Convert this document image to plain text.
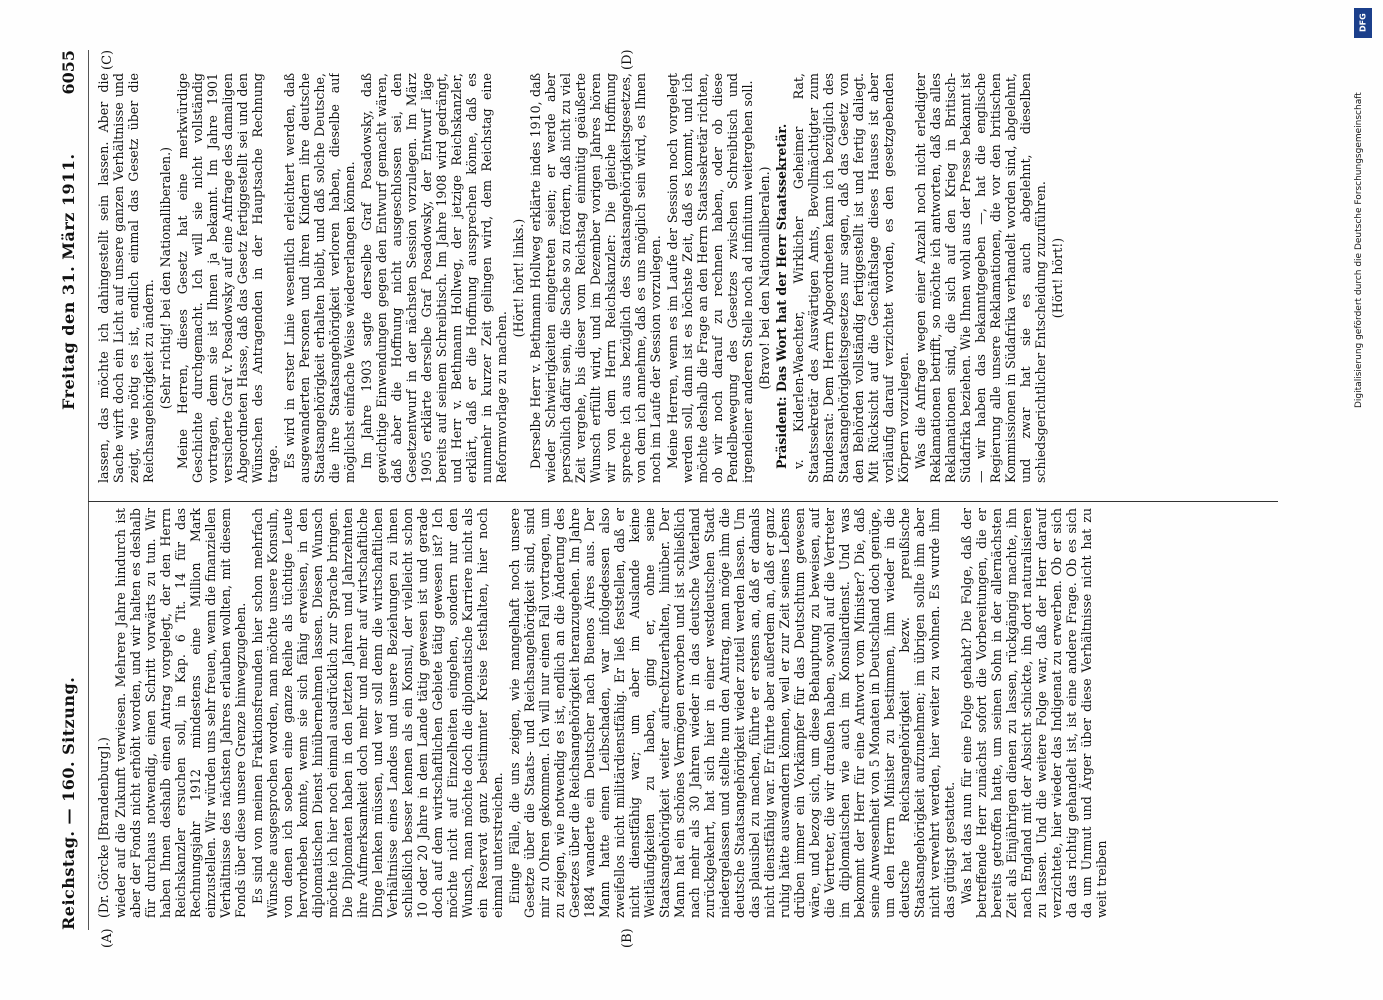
Reichstag. — 160. Sitzung.
Freitag den 31. März 1911.
6055
(A)	(B)
(C)	(D)

(Dr. Görcke [Brandenburg].) wieder auf die Zukunft verwiesen. Mehrere Jahre hindurch ist aber der Fonds nicht erhöht worden, und wir halten es deshalb für durchaus notwendig, einen Schritt vorwärts zu tun. Wir haben Ihnen deshalb einen Antrag vorgelegt, der den Herrn Reichskanzler ersuchen soll, in Kap. 6 Tit. 14 für das Rechnungsjahr 1912 mindestens eine Million Mark einzustellen. Wir würden uns sehr freuen, wenn die finanziellen Verhältnisse des nächsten Jahres erlauben wollten, mit diesem Fonds über diese unsere Grenze hinwegzugehen. Es sind von meinen Fraktionsfreunden hier schon mehrfach Wünsche ausgesprochen worden, man möchte unsere Konsuln, von denen ich soeben eine ganze Reihe als tüchtige Leute hervorheben konnte, wenn sie sich fähig erweisen, in den diplomatischen Dienst hinübernehmen lassen. Diesen Wunsch möchte ich hier noch einmal ausdrücklich zur Sprache bringen. Die Diplomaten haben in den letzten Jahren und Jahrzehnten ihre Aufmerksamkeit doch mehr und mehr auf wirtschaftliche Dinge lenken müssen, und wer soll denn die wirtschaftlichen Verhältnisse eines Landes und unsere Beziehungen zu ihnen schließlich besser kennen als ein Konsul, der vielleicht schon 10 oder 20 Jahre in dem Lande tätig gewesen ist und gerade doch auf dem wirtschaftlichen Gebiete tätig gewesen ist? Ich möchte nicht auf Einzelheiten eingehen, sondern nur den Wunsch, man möchte doch die diplomatische Karriere nicht als ein Reservat ganz bestimmter Kreise festhalten, hier noch einmal unterstreichen. Einige Fälle, die uns zeigen, wie mangelhaft noch unsere Gesetze über die Staats- und Reichsangehörigkeit sind, sind mir zu Ohren gekommen. Ich will nur einen Fall vortragen, um zu zeigen, wie notwendig es ist, endlich an die Änderung des Gesetzes über die Reichsangehörigkeit heranzugehen. Im Jahre 1884 wanderte ein Deutscher nach Buenos Aires aus. Der Mann hatte einen Leibschaden, war infolgedessen also zweifellos nicht militärdienstfähig. Er ließ feststellen, daß er nicht dienstfähig war; um aber im Auslande keine Weitläufigkeiten zu haben, ging er, ohne seine Staatsangehörigkeit weiter aufrechtzuerhalten, hinüber. Der Mann hat ein schönes Vermögen erworben und ist schließlich nach mehr als 30 Jahren wieder in das deutsche Vaterland zurückgekehrt, hat sich hier in einer westdeutschen Stadt niedergelassen und stellte nun den Antrag, man möge ihm die deutsche Staatsangehörigkeit wieder zuteil werden lassen. Um das plausibel zu machen, führte er erstens an, daß er damals nicht dienstfähig war. Er führte aber außerdem an, daß er ganz ruhig hätte auswandern können, weil er zur Zeit seines Lebens drüben immer ein Vorkämpfer für das Deutschtum gewesen wäre, und bezog sich, um diese Behauptung zu beweisen, auf die Vertreter, die wir draußen haben, sowohl auf die Vertreter im diplomatischen wie auch im Konsulardienst. Und was bekommt der Herr für eine Antwort vom Minister? Die, daß seine Anwesenheit von 5 Monaten in Deutschland doch genüge, um den Herrn Minister zu bestimmen, ihm wieder in die deutsche Reichsangehörigkeit bezw. preußische Staatsangehörigkeit aufzunehmen; im übrigen sollte ihm aber nicht verwehrt werden, hier weiter zu wohnen. Es wurde ihm das gütigst gestattet. Was hat das nun für eine Folge gehabt? Die Folge, daß der betreffende Herr zunächst sofort die Vorbereitungen, die er bereits getroffen hatte, um seinen Sohn in der allernächsten Zeit als Einjährigen dienen zu lassen, rückgängig machte, ihn nach England mit der Absicht schickte, ihn dort naturalisieren zu lassen. Und die weitere Folge war, daß der Herr darauf verzichtete, hier wieder das Indigenat zu erwerben. Ob er sich da das richtig gehandelt ist, ist eine andere Frage. Ob es sich da um Unmut und Ärger über diese Verhältnisse nicht hat zu weit treiben

lassen, das möchte ich dahingestellt sein lassen. Aber die Sache wirft doch ein Licht auf unsere ganzen Verhältnisse und zeigt, wie nötig es ist, endlich einmal das Gesetz über die Reichsangehörigkeit zu ändern. (Sehr richtig! bei den Nationalliberalen.) Meine Herren, dieses Gesetz hat eine merkwürdige Geschichte durchgemacht. Ich will sie nicht vollständig vortragen, denn sie ist Ihnen ja bekannt. Im Jahre 1901 versicherte Graf v. Posadowsky auf eine Anfrage des damaligen Abgeordneten Hasse, daß das Gesetz fertiggestellt sei und den Wünschen des Antragenden in der Hauptsache Rechnung trage. Es wird in erster Linie wesentlich erleichtert werden, daß ausgewanderten Personen und ihren Kindern ihre deutsche Staatsangehörigkeit erhalten bleibt, und daß solche Deutsche, die ihre Staatsangehörigkeit verloren haben, dieselbe auf möglichst einfache Weise wiedererlangen können. Im Jahre 1903 sagte derselbe Graf Posadowsky, daß gewichtige Einwendungen gegen den Entwurf gemacht wären, daß aber die Hoffnung nicht ausgeschlossen sei, den Gesetzentwurf in der nächsten Session vorzulegen. Im März 1905 erklärte derselbe Graf Posadowsky, der Entwurf läge bereits auf seinem Schreibtisch. Im Jahre 1908 wird gedrängt, und Herr v. Bethmann Hollweg, der jetzige Reichskanzler, erklärt, daß er die Hoffnung aussprechen könne, daß es nunmehr in kurzer Zeit gelingen wird, dem Reichstag eine Reformvorlage zu machen.

(Hört! hört! links.) Derselbe Herr v. Bethmann Hollweg erklärte indes 1910, daß wieder Schwierigkeiten eingetreten seien; er werde aber persönlich dafür sein, die Sache so zu fördern, daß nicht zu viel Zeit vergehe, bis dieser vom Reichstag einmütig geäußerte Wunsch erfüllt wird, und im Dezember vorigen Jahres hören wir von dem Herrn Reichskanzler: Die gleiche Hoffnung spreche ich aus bezüglich des Staatsangehörigkeitsgesetzes, von dem ich annehme, daß es uns möglich sein wird, es Ihnen noch im Laufe der Session vorzulegen. Meine Herren, wenn es im Laufe der Session noch vorgelegt werden soll, dann ist es höchste Zeit, daß es kommt, und ich möchte deshalb die Frage an den Herrn Staatssekretär richten, ob wir noch darauf zu rechnen haben, oder ob diese Pendelbewegung des Gesetzes zwischen Schreibtisch und irgendeiner anderen Stelle noch ad infinitum weitergehen soll. (Bravo! bei den Nationalliberalen.) Präsident: Das Wort hat der Herr Staatssekretär. v. Kiderlen-Waechter, Wirklicher Geheimer Rat, Staatssekretär des Auswärtigen Amts, Bevollmächtigter zum Bundesrat: Dem Herrn Abgeordneten kann ich bezüglich des Staatsangehörigkeitsgesetzes nur sagen, daß das Gesetz von den Behörden vollständig fertiggestellt ist und fertig daliegt. Mit Rücksicht auf die Geschäftslage dieses Hauses ist aber vorläufig darauf verzichtet worden, es den gesetzgebenden Körpern vorzulegen. Was die Anfrage wegen einer Anzahl noch nicht erledigter Reklamationen betrifft, so möchte ich antworten, daß das alles Reklamationen sind, die sich auf den Krieg in Britisch-Südafrika beziehen. Wie Ihnen wohl aus der Presse bekannt ist — wir haben das bekanntgegeben —, hat die englische Regierung alle unsere Reklamationen, die vor den britischen Kommissionen in Südafrika verhandelt worden sind, abgelehnt, und zwar hat sie es auch abgelehnt, dieselben schiedsgerichtlicher Entscheidung zuzuführen. (Hört! hört!)

DFG
Digitalisierung gefördert durch die Deutsche Forschungsgemeinschaft
